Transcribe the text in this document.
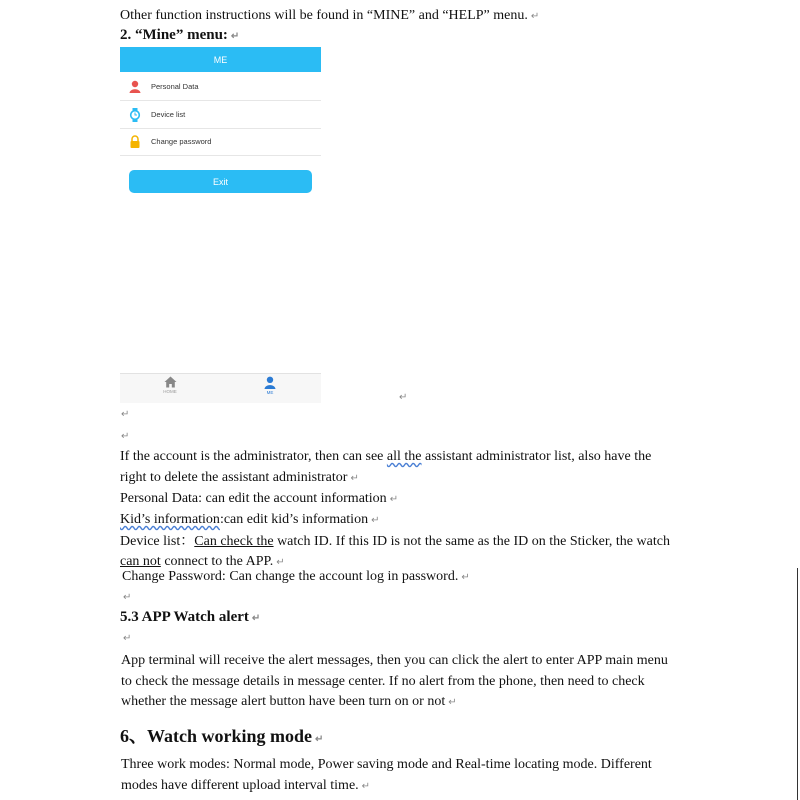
Other function instructions will be found in “MINE” and “HELP” menu. ↵
2. “Mine” menu: ↵
ME
Personal Data
Device list
Change password
Exit
HOME	ME	↵
↵
↵
If the account is the administrator, then can see all the assistant administrator list, also have the
right to delete the assistant administrator ↵
Personal Data: can edit the account information ↵
Kid’s information:can edit kid’s information ↵
Device list：Can check the watch ID. If this ID is not the same as the ID on the Sticker, the watch
can not connect to the APP. ↵
Change Password: Can change the account log in password. ↵
↵
5.3 APP Watch alert ↵
↵
App terminal will receive the alert messages, then you can click the alert to enter APP main menu
to check the message details in message center. If no alert from the phone, then need to check
whether the message alert button have been turn on or not ↵
6、Watch working mode ↵
Three work modes: Normal mode, Power saving mode and Real-time locating mode. Different
modes have different upload interval time. ↵
